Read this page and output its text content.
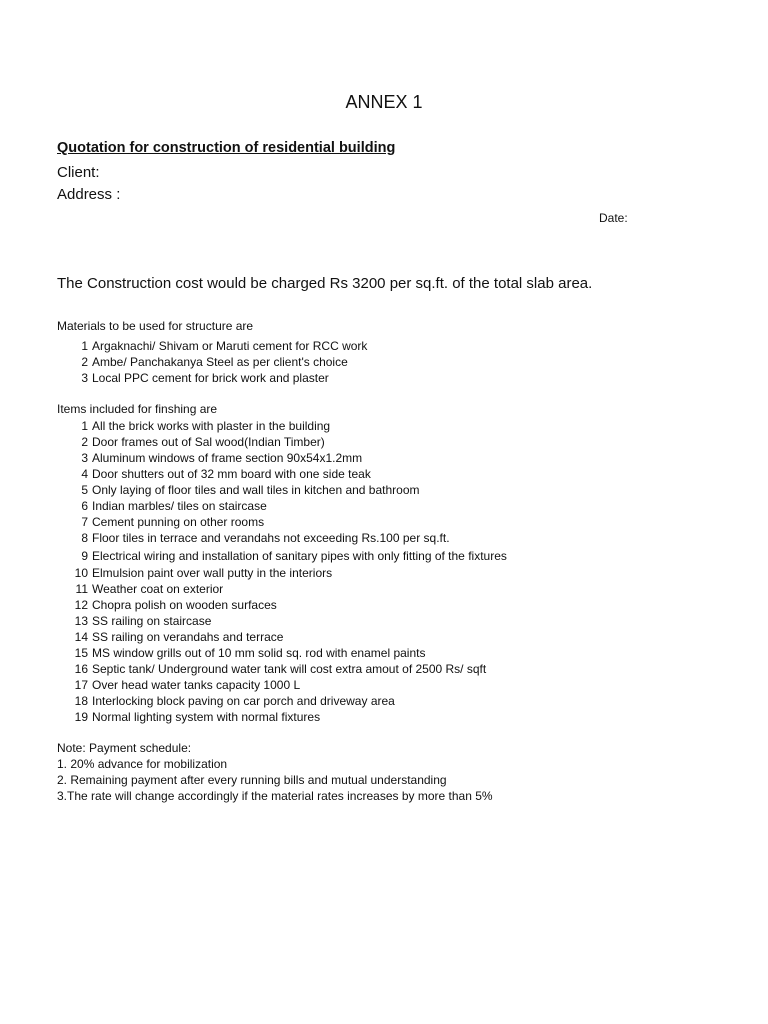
ANNEX 1
Quotation for construction of residential building
Client:
Address :
Date:
The Construction cost would be charged Rs 3200 per sq.ft. of the total slab area.
Materials to be used for structure are
1 Argaknachi/ Shivam or Maruti cement for RCC work
2 Ambe/ Panchakanya Steel as per client's choice
3 Local PPC cement for brick work and plaster
Items included for finshing are
1 All the brick works with plaster in the building
2 Door frames out of Sal wood(Indian Timber)
3 Aluminum windows of frame section 90x54x1.2mm
4 Door shutters out of 32 mm board with one side teak
5 Only laying of floor tiles and wall tiles in kitchen and bathroom
6 Indian marbles/ tiles on staircase
7 Cement punning on other rooms
8 Floor tiles in terrace and verandahs not exceeding Rs.100 per sq.ft.
9 Electrical wiring and installation of sanitary pipes with only fitting of the fixtures
10 Elmulsion paint over wall putty in the interiors
11 Weather coat on exterior
12 Chopra polish on wooden surfaces
13 SS railing on staircase
14 SS railing on verandahs and terrace
15 MS window grills out of 10 mm solid sq. rod with enamel paints
16 Septic tank/ Underground water tank will cost extra amout of 2500 Rs/ sqft
17 Over head water tanks capacity 1000 L
18 Interlocking block paving on car porch and driveway area
19 Normal lighting system with normal fixtures
Note: Payment schedule:
1. 20% advance for mobilization
2. Remaining payment after every running bills and mutual understanding
3.The rate will change accordingly if the material rates increases by more than 5%
